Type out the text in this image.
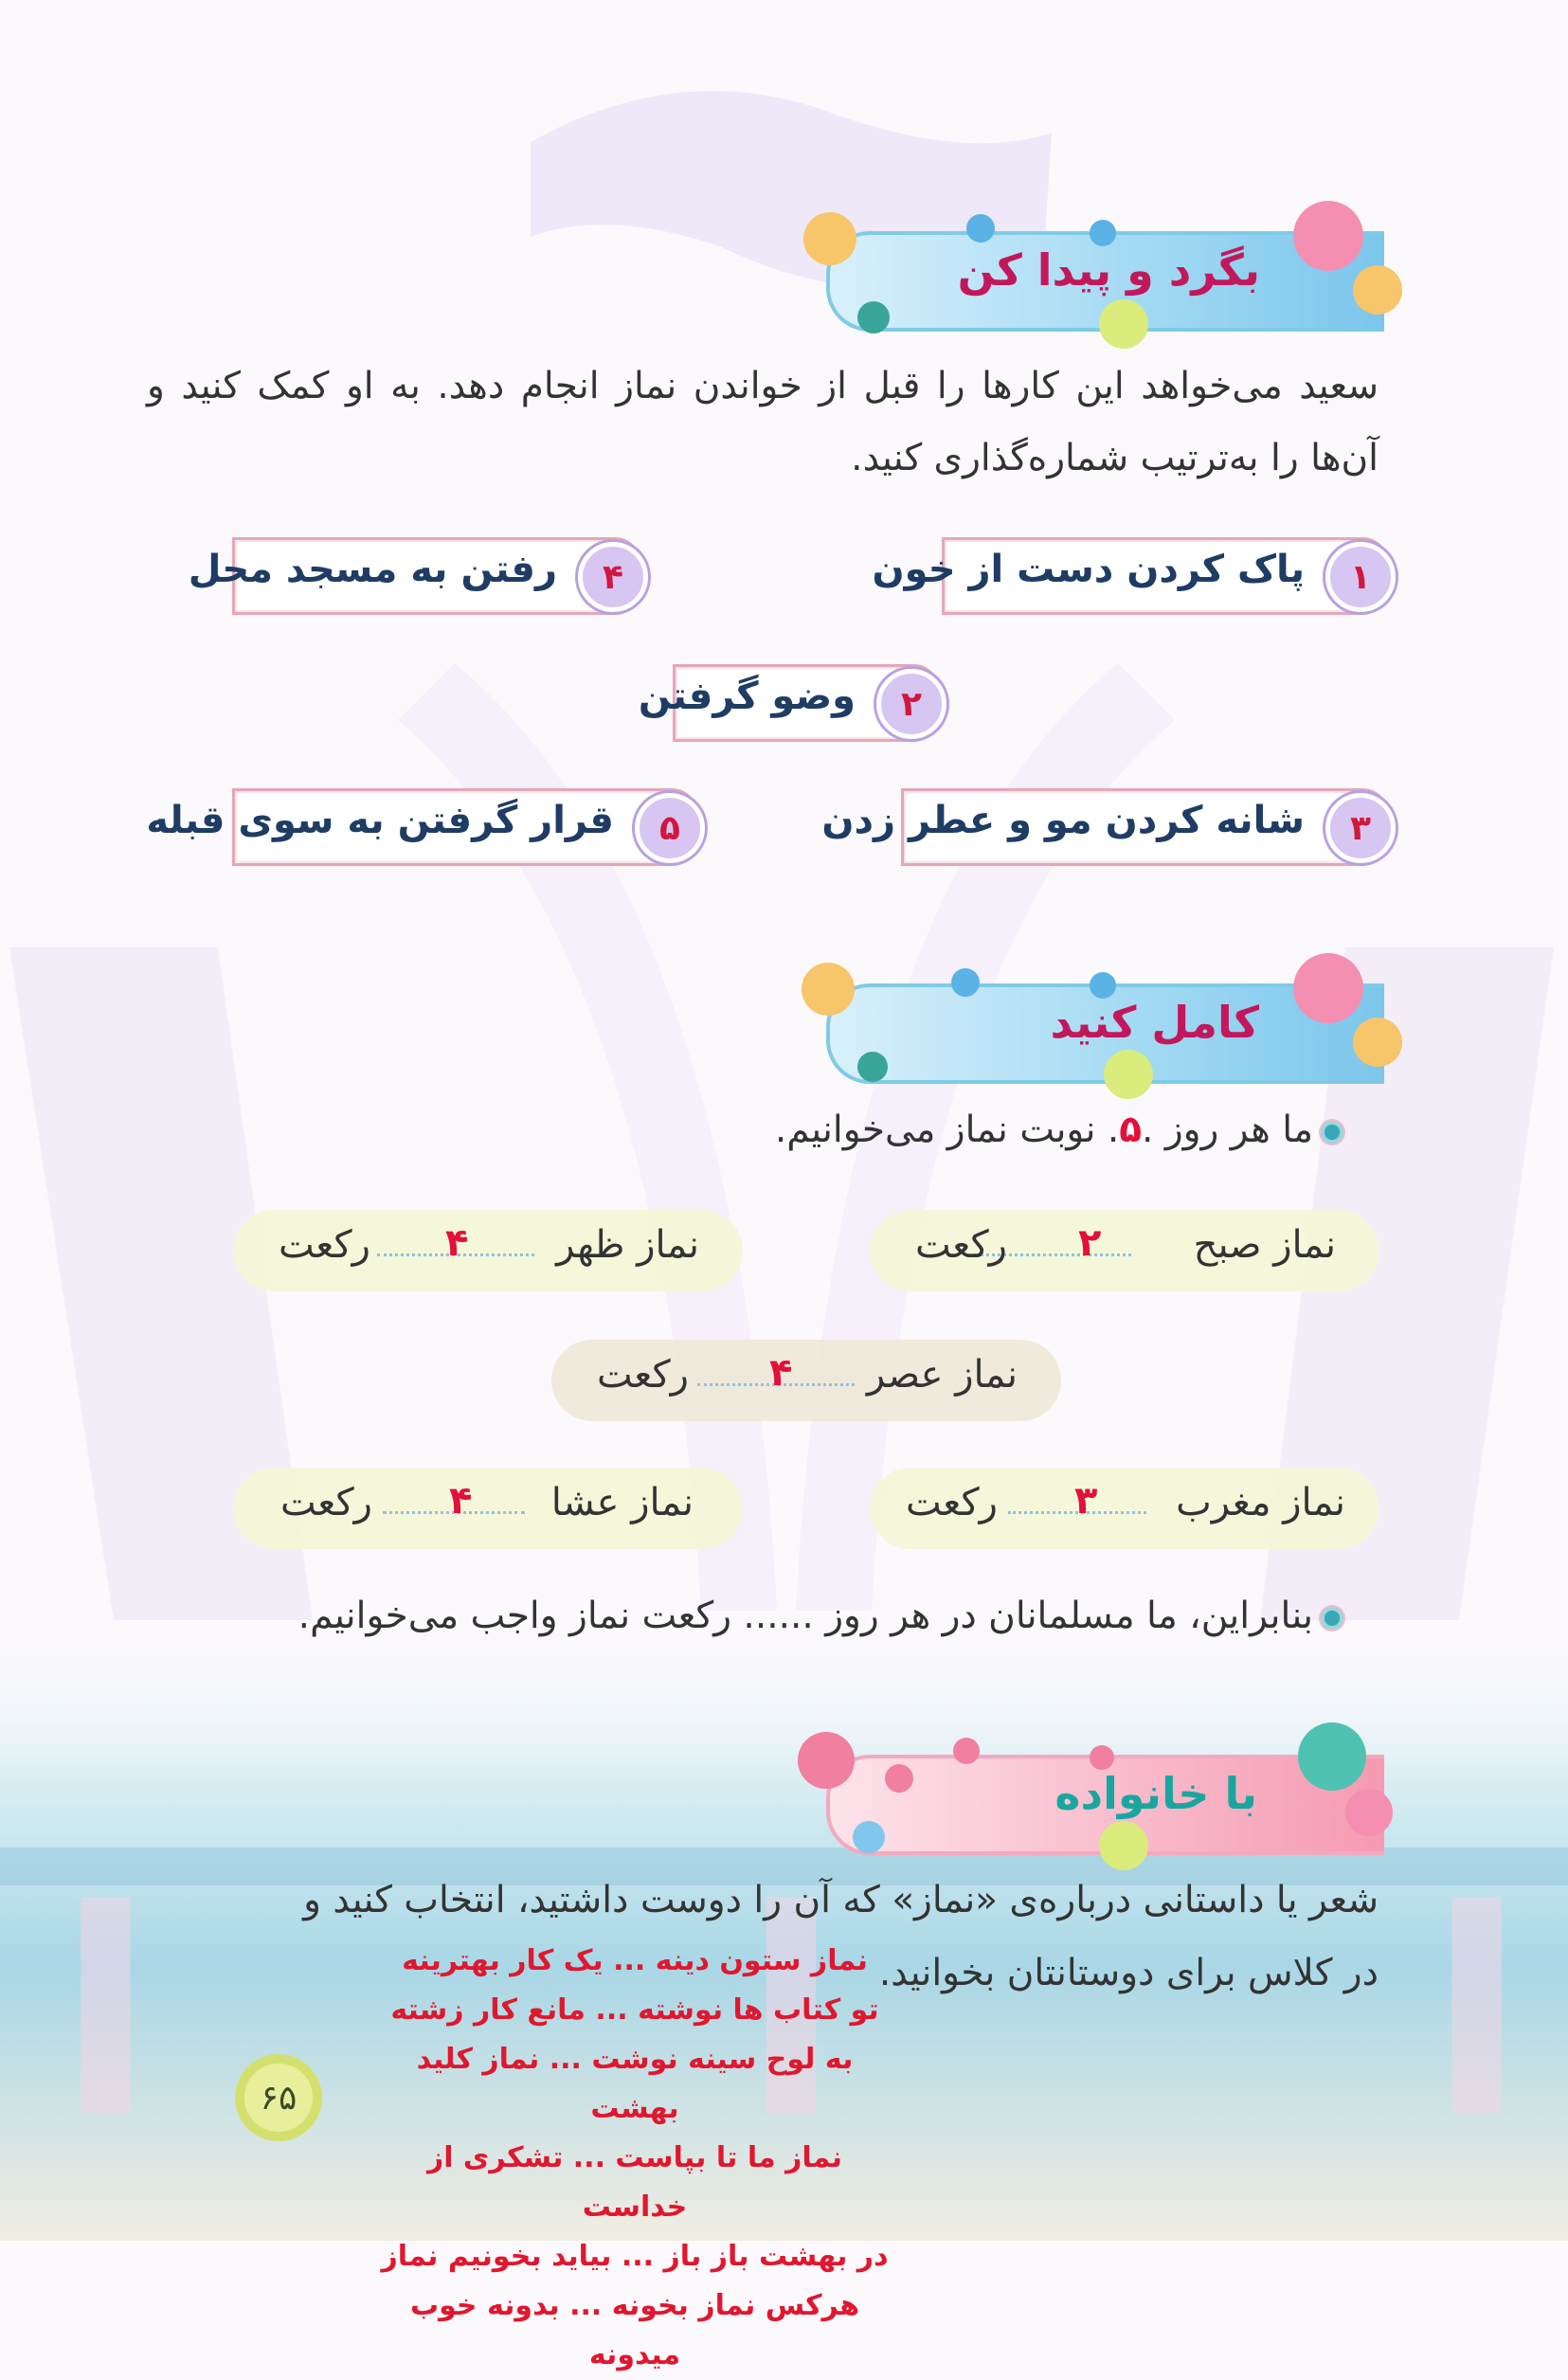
ااا
بگرد و پیدا کن
سعید می‌خواهد این کارها را قبل از خواندن نماز انجام دهد. به او کمک کنید و آن‌ها را به‌ترتیب شماره‌گذاری کنید.
۱
پاک کردن دست از خون
۴
رفتن به مسجد محل
۲
وضو گرفتن
۳
شانه کردن مو و عطر زدن
۵
قرار گرفتن به سوی قبله
کامل کنید
ما هر روز .۵. نوبت نماز می‌خوانیم.
نماز صبح
۲
رکعت
نماز ظهر
۴
رکعت
نماز عصر
۴
رکعت
نماز مغرب
۳
رکعت
نماز عشا
۴
رکعت
بنابراین، ما مسلمانان در هر روز ...... رکعت نماز واجب می‌خوانیم.
با خانواده
شعر یا داستانی درباره‌ی «نماز» که آن را دوست داشتید، انتخاب کنید و
در کلاس برای دوستانتان بخوانید.
نماز ستون دینه ... یک کار بهترینه
تو کتاب ها نوشته ... مانع کار زشته
به لوح سینه نوشت ... نماز کلید بهشت
نماز ما تا بپاست ... تشکری از خداست
در بهشت باز باز ... بیاید بخونیم نماز
هرکس نماز بخونه ... بدونه خوب میدونه
۶۵
